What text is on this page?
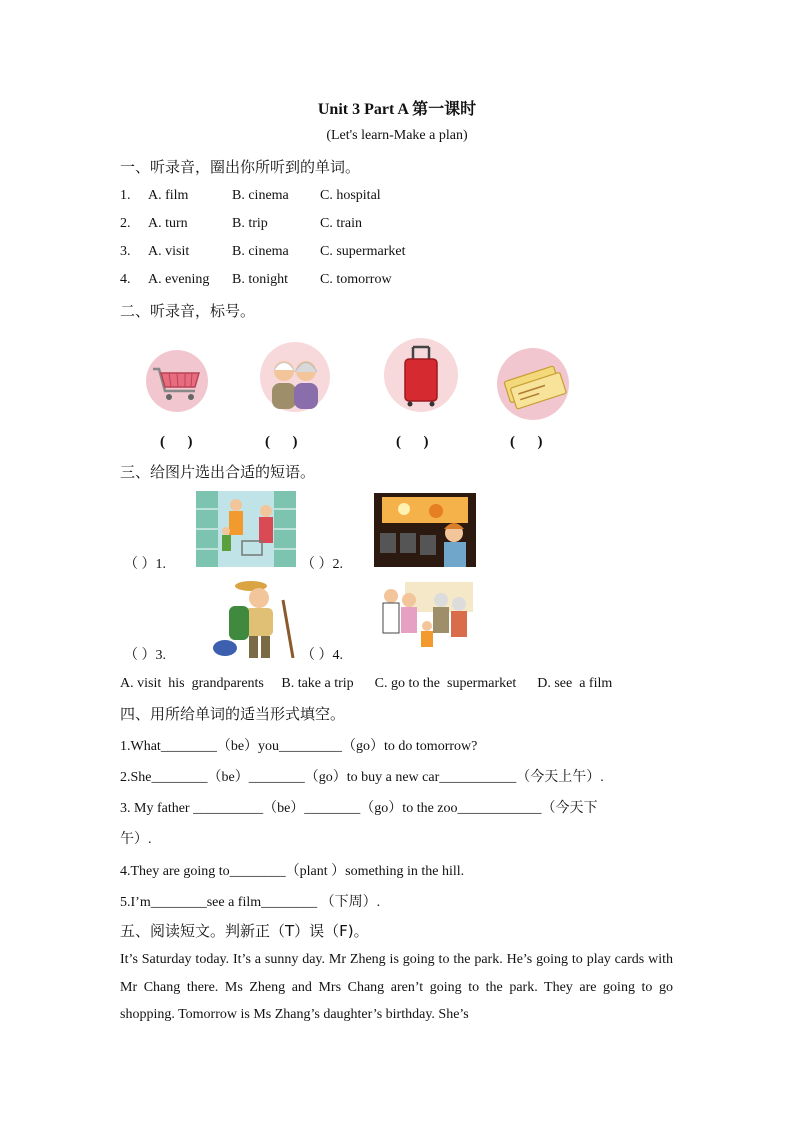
Unit 3 Part A 第一课时
(Let's learn-Make a plan)
一、听录音，圈出你所听到的单词。
1. A. film	B. cinema C. hospital
2. A. turn	B. trip	C. train
3. A. visit	B. cinema C. supermarket
4. A. evening B. tonight C. tomorrow
二、听录音，标号。
(      )	(      )	(      )	(      )
三、给图片选出合适的短语。
（ ）1.	（ ）2.
（ ）3.	（ ）4.
A. visit  his  grandparents     B. take a trip      C. go to the  supermarket      D. see  a film
四、用所给单词的适当形式填空。
1.What________（be）you_________（go）to do tomorrow?
2.She________（be）________（go）to buy a new car___________（今天上午）.
3. My father __________（be）________（go）to the zoo____________（今天下
午）.
4.They are going to________（plant ）something in the hill.
5.I’m________see a film________ （下周）.
五、阅读短文。判新正（T）误（F)。
It’s Saturday today. It’s a sunny day. Mr Zheng is going to the park. He’s going to play cards with Mr Chang there. Ms Zheng and Mrs Chang aren’t going to the park. They are going to go shopping. Tomorrow is Ms Zhang’s daughter’s birthday. She’s
